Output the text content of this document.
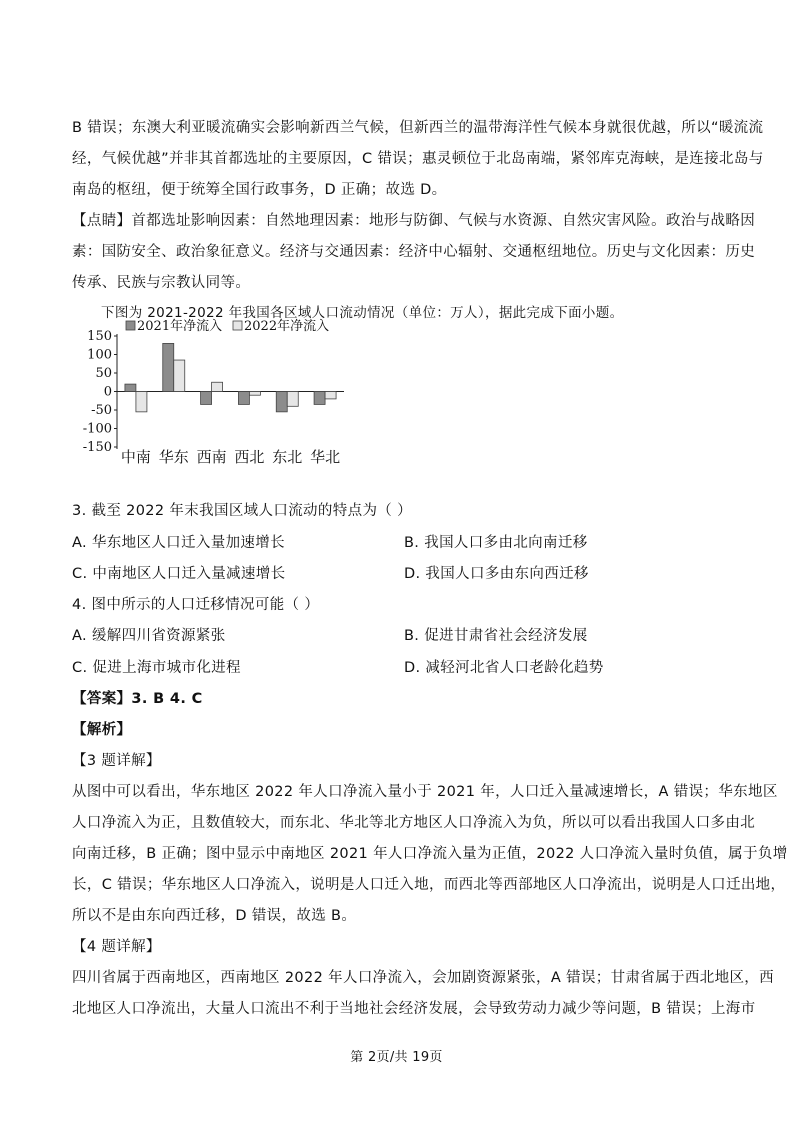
B 错误；东澳大利亚暖流确实会影响新西兰气候，但新西兰的温带海洋性气候本身就很优越，所以“暖流流
经，气候优越”并非其首都选址的主要原因，C 错误；惠灵顿位于北岛南端，紧邻库克海峡，是连接北岛与
南岛的枢纽，便于统筹全国行政事务，D 正确；故选 D。
【点睛】首都选址影响因素：自然地理因素：地形与防御、气候与水资源、自然灾害风险。政治与战略因
素：国防安全、政治象征意义。经济与交通因素：经济中心辐射、交通枢纽地位。历史与文化因素：历史
传承、民族与宗教认同等。
下图为 2021-2022 年我国各区域人口流动情况（单位：万人），据此完成下面小题。
150
100
50
0
-50
-100
-150
中南 华东 西南 西北 东北 华北
2021年净流入 2022年净流入
3. 截至 2022 年末我国区域人口流动的特点为（ ）
A. 华东地区人口迁入量加速增长	B. 我国人口多由北向南迁移
C. 中南地区人口迁入量减速增长	D. 我国人口多由东向西迁移
4. 图中所示的人口迁移情况可能（ ）
A. 缓解四川省资源紧张	B. 促进甘肃省社会经济发展
C. 促进上海市城市化进程	D. 减轻河北省人口老龄化趋势
【答案】3. B 4. C
【解析】
【3 题详解】
从图中可以看出，华东地区 2022 年人口净流入量小于 2021 年，人口迁入量减速增长，A 错误；华东地区
人口净流入为正，且数值较大，而东北、华北等北方地区人口净流入为负，所以可以看出我国人口多由北
向南迁移，B 正确；图中显示中南地区 2021 年人口净流入量为正值，2022 人口净流入量时负值，属于负增
长，C 错误；华东地区人口净流入，说明是人口迁入地，而西北等西部地区人口净流出，说明是人口迁出地，
所以不是由东向西迁移，D 错误，故选 B。
【4 题详解】
四川省属于西南地区，西南地区 2022 年人口净流入，会加剧资源紧张，A 错误；甘肃省属于西北地区，西
北地区人口净流出，大量人口流出不利于当地社会经济发展，会导致劳动力减少等问题，B 错误；上海市
第 2页/共 19页
